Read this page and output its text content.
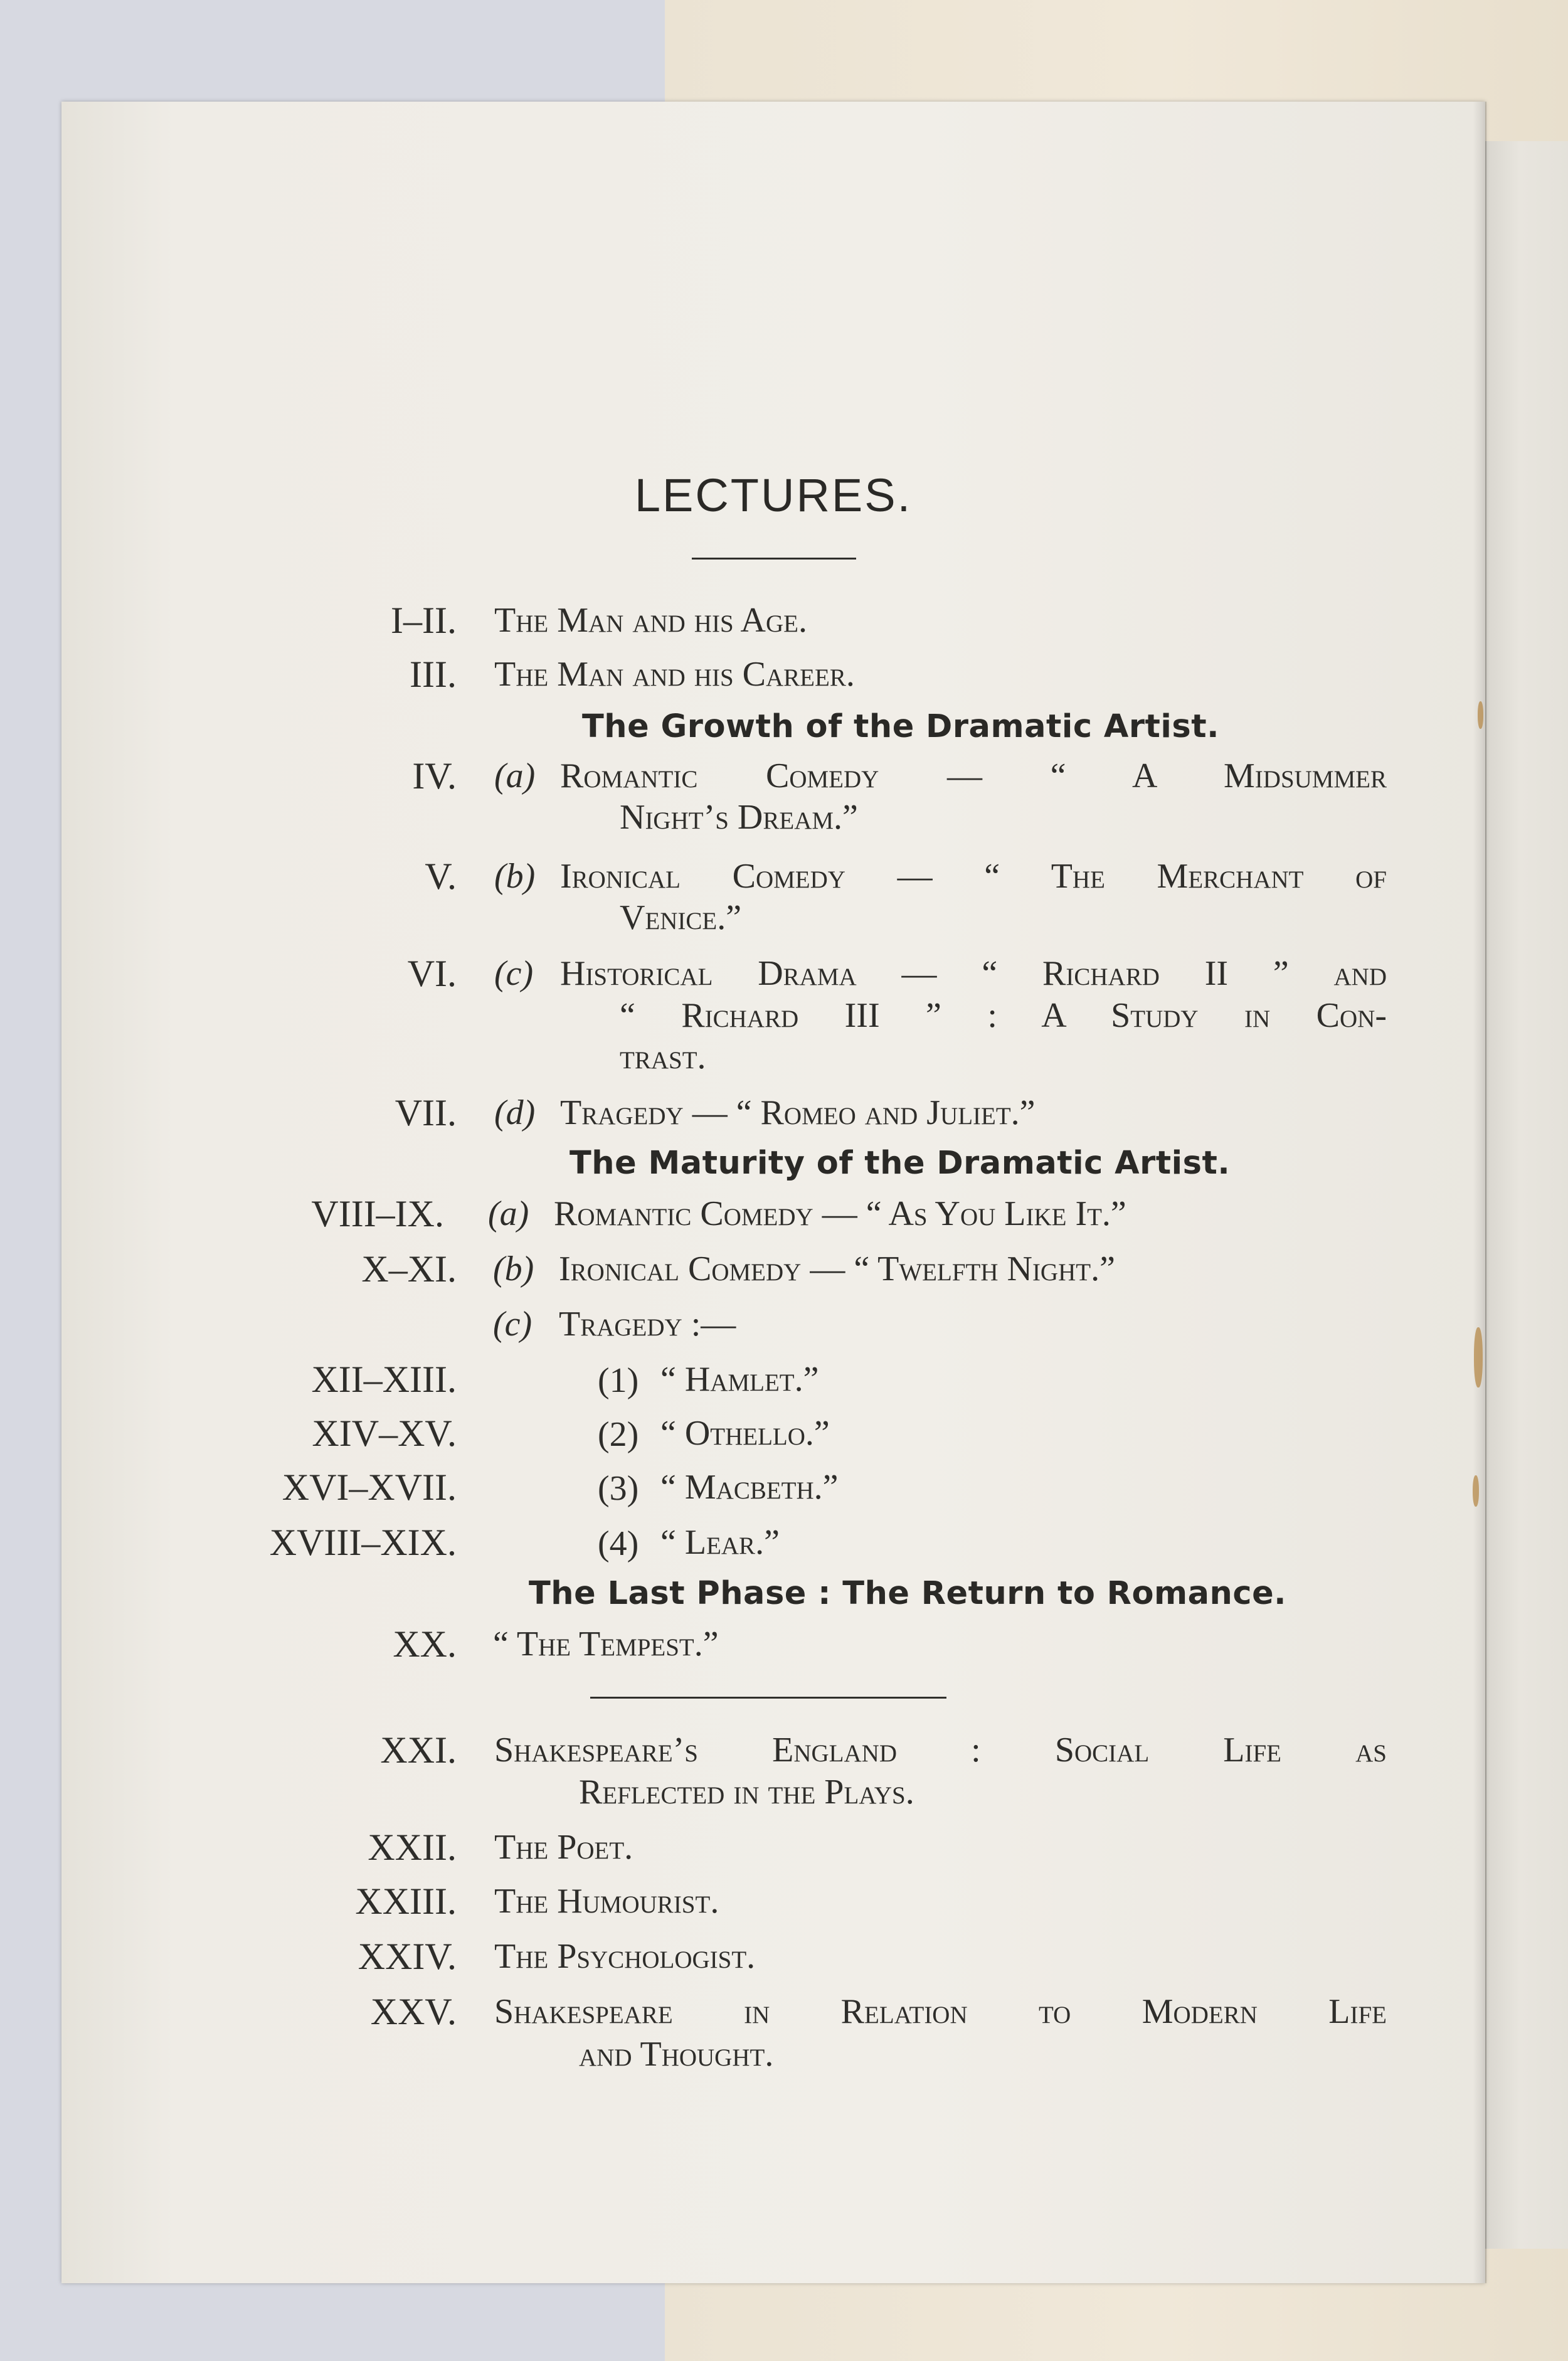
LECTURES.
I–II. The Man and his Age.
III. The Man and his Career.
The Growth of the Dramatic Artist.
IV. (a) Romantic Comedy — “ A Midsummer
Night’s Dream.”
V. (b) Ironical Comedy — “ The Merchant of
Venice.”
VI. (c) Historical Drama — “ Richard II ” and
“ Richard III ” : A Study in Con-
trast.
VII. (d) Tragedy — “ Romeo and Juliet.”
The Maturity of the Dramatic Artist.
VIII–IX. (a) Romantic Comedy — “ As You Like It.”
X–XI. (b) Ironical Comedy — “ Twelfth Night.”
(c) Tragedy :—
XII–XIII.	(1) “ Hamlet.”
XIV–XV.	(2) “ Othello.”
XVI–XVII.	(3) “ Macbeth.”
XVIII–XIX.	(4) “ Lear.”
The Last Phase : The Return to Romance.
XX. “ The Tempest.”
XXI. Shakespeare’s England : Social Life as
Reflected in the Plays.
XXII. The Poet.
XXIII. The Humourist.
XXIV. The Psychologist.
XXV. Shakespeare in Relation to Modern Life
and Thought.
